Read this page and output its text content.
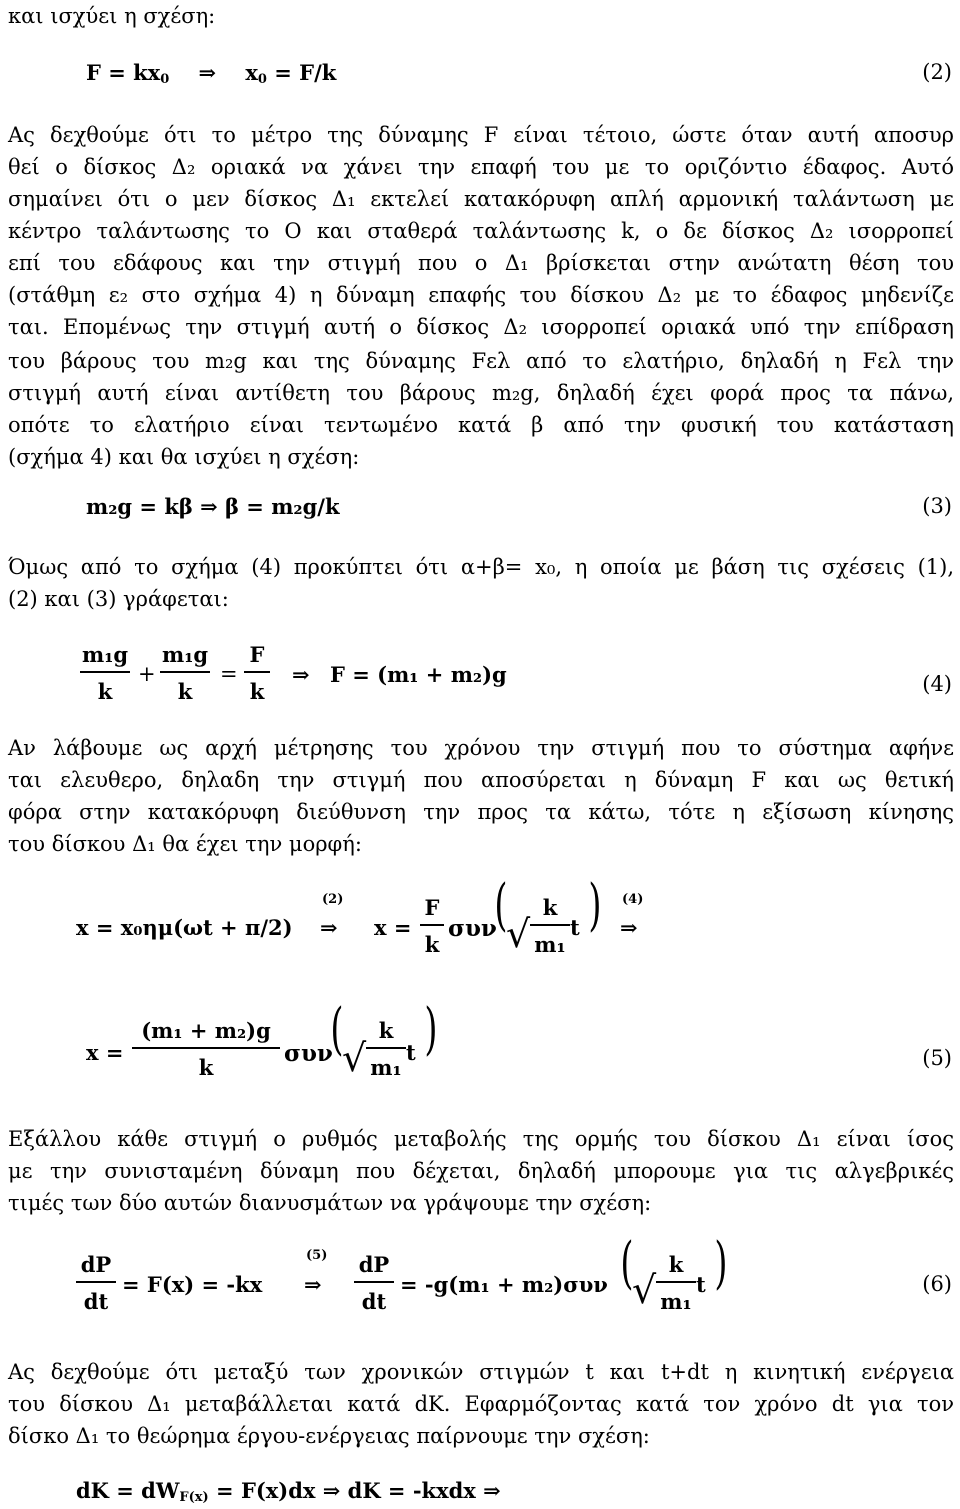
και ισχύει η σχέση:
$F = kx_0$ ⇒ $x_0 = F/k$	(2)
Ας δεχθούμε ότι το μέτρο της δύναμης F είναι τέτοιο, ώστε όταν αυτή αποσυρ
θεί ο δίσκος Δ₂ οριακά να χάνει την επαφή του με το οριζόντιο έδαφος. Αυτό
σημαίνει ότι ο μεν δίσκος Δ₁ εκτελεί κατακόρυφη απλή αρμονική ταλάντωση με
κέντρο ταλάντωσης το Ο και σταθερά ταλάντωσης k, ο δε δίσκος Δ₂ ισορροπεί
επί του εδάφους και την στιγμή που ο Δ₁ βρίσκεται στην ανώτατη θέση του
(στάθμη ε₂ στο σχήμα 4) η δύναμη επαφής του δίσκου Δ₂ με το έδαφος μηδενίζε
ται. Επομένως την στιγμή αυτή ο δίσκος Δ₂ ισορροπεί οριακά υπό την επίδραση
του βάρους του m₂g και της δύναμης Fελ από το ελατήριο, δηλαδή η Fελ την
στιγμή αυτή είναι αντίθετη του βάρους m₂g, δηλαδή έχει φορά προς τα πάνω,
οπότε το ελατήριο είναι τεντωμένο κατά β από την φυσική του κατάσταση
(σχήμα 4) και θα ισχύει η σχέση:
m₂g = kβ ⇒ β = m₂g/k	(3)
Όμως από το σχήμα (4) προκύπτει ότι α+β= x₀, η οποία με βάση τις σχέσεις (1),
(2) και (3) γράφεται:
$\frac{\text{m₁g}}{k} + \frac{\text{m₁g}}{k} = \frac{F}{k}$ ⇒ F = (m₁ + m₂)g	(4)
Αν λάβουμε ως αρχή μέτρησης του χρόνου την στιγμή που το σύστημα αφήνε
ται ελευθερο, δηλαδη την στιγμή που αποσύρεται η δύναμη F και ως θετική
φόρα στην κατακόρυφη διεύθυνση την προς τα κάτω, τότε η εξίσωση κίνησης
του δίσκου Δ₁ θα έχει την μορφή:
x = x₀ημ(ωt + π/2)
(2)
⇒ $x = \frac{F}{k}$ συν
(
√ $\frac{k}{\text{m₁}}$ t ) (4)
⇒
$x = \frac{\text{(m₁ + m₂)g}}{k}$ συν
(
√ $\frac{k}{\text{m₁}}$ t )	(5)
Εξάλλου κάθε στιγμή ο ρυθμός μεταβολής της ορμής του δίσκου Δ₁ είναι ίσος
με την συνισταμένη δύναμη που δέχεται, δηλαδή μπορουμε για τις αλγεβρικές
τιμές των δύο αυτών διανυσμάτων να γράψουμε την σχέση:
$\frac{dP}{dt} = F(x) = -kx$
(5)
⇒ $\frac{dP}{dt} = -g(m_1 + m_2)\sigma\upsilon\nu$ (
√ $\frac{k}{\text{m₁}}$ t )	(6)
Ας δεχθούμε ότι μεταξύ των χρονικών στιγμών t και t+dt η κινητική ενέργεια
του δίσκου Δ₁ μεταβάλλεται κατά dK. Εφαρμόζοντας κατά τον χρόνο dt για τον
δίσκο Δ₁ το θεώρημα έργου-ενέργειας παίρνουμε την σχέση:
dK = $dW_{F(x)} = F(x)dx$ ⇒ dK = -kxdx ⇒
